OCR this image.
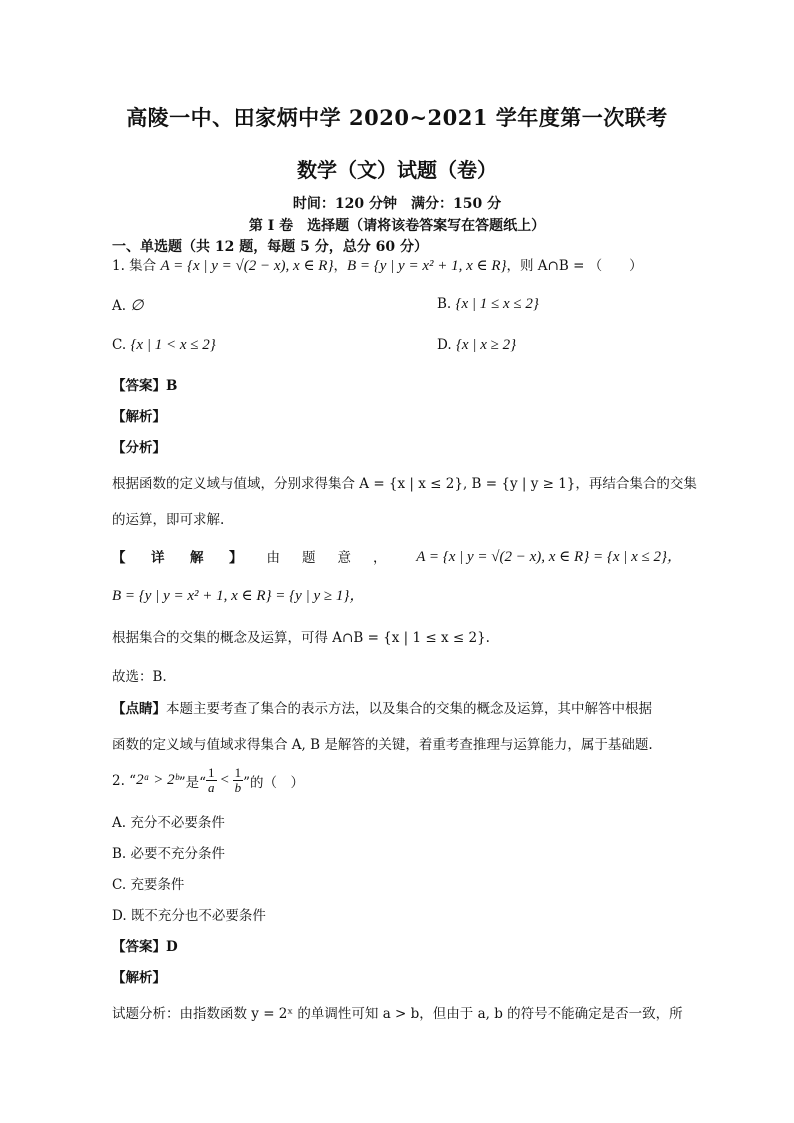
高陵一中、田家炳中学 2020~2021 学年度第一次联考
数学（文）试题（卷）
时间：120 分钟 满分：150 分
第 I 卷　选择题（请将该卷答案写在答题纸上）
一、单选题（共 12 题，每题 5 分，总分 60 分）
1. 集合 A = {x | y = √(2 − x), x ∈ R}，B = {y | y = x² + 1, x ∈ R}，则 A∩B = （　　）
A. ∅	B. {x | 1 ≤ x ≤ 2}
C. {x | 1 < x ≤ 2}	D. {x | x ≥ 2}
【答案】B
【解析】
【分析】
根据函数的定义域与值域，分别求得集合 A = {x | x ≤ 2}, B = {y | y ≥ 1}，再结合集合的交集
的运算，即可求解.
【　详　解　】 由 题 意 ， A = {x | y = √(2 − x), x ∈ R} = {x | x ≤ 2}，
B = {y | y = x² + 1, x ∈ R} = {y | y ≥ 1}，
根据集合的交集的概念及运算，可得 A∩B = {x | 1 ≤ x ≤ 2}.
故选：B.
【点睛】本题主要考查了集合的表示方法，以及集合的交集的概念及运算，其中解答中根据
函数的定义域与值域求得集合 A, B 是解答的关键，着重考查推理与运算能力，属于基础题.
2. “ 2ᵃ > 2ᵇ ”是“ $\frac{1}{a} < \frac{1}{b}$ ”的（　）
A. 充分不必要条件
B. 必要不充分条件
C. 充要条件
D. 既不充分也不必要条件
【答案】D
【解析】
试题分析：由指数函数 y = 2ˣ 的单调性可知 a > b，但由于 a, b 的符号不能确定是否一致，所
